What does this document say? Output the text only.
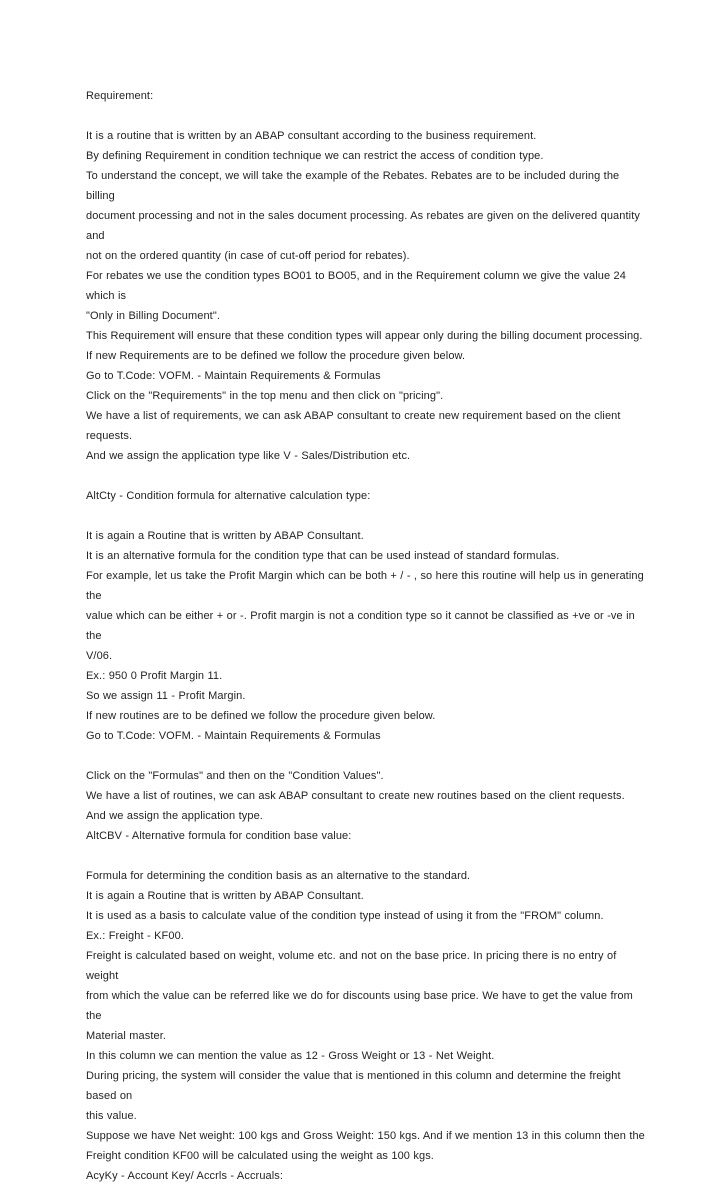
Requirement:

It is a routine that is written by an ABAP consultant according to the business requirement.

By defining Requirement in condition technique we can restrict the access of condition type.

To understand the concept, we will take the example of the Rebates. Rebates are to be included during the billing

document processing and not in the sales document processing. As rebates are given on the delivered quantity and

not on the ordered quantity (in case of cut-off period for rebates).

For rebates we use the condition types BO01 to BO05, and in the Requirement column we give the value 24 which is

"Only in Billing Document".

This Requirement will ensure that these condition types will appear only during the billing document processing.

If new Requirements are to be defined we follow the procedure given below.

Go to T.Code: VOFM. - Maintain Requirements & Formulas

Click on the "Requirements" in the top menu and then click on "pricing".

We have a list of requirements, we can ask ABAP consultant to create new requirement based on the client requests.

And we assign the application type like V - Sales/Distribution etc.

AltCty - Condition formula for alternative calculation type:

It is again a Routine that is written by ABAP Consultant.

It is an alternative formula for the condition type that can be used instead of standard formulas.

For example, let us take the Profit Margin which can be both + / - , so here this routine will help us in generating the

value which can be either + or -. Profit margin is not a condition type so it cannot be classified as +ve or -ve in the

V/06.

Ex.: 950 0 Profit Margin 11.

So we assign 11 - Profit Margin.

If new routines are to be defined we follow the procedure given below.

Go to T.Code: VOFM. - Maintain Requirements & Formulas

Click on the "Formulas" and then on the "Condition Values".

We have a list of routines, we can ask ABAP consultant to create new routines based on the client requests.

And we assign the application type.

AltCBV - Alternative formula for condition base value:

Formula for determining the condition basis as an alternative to the standard.

It is again a Routine that is written by ABAP Consultant.

It is used as a basis to calculate value of the condition type instead of using it from the "FROM" column.

Ex.: Freight - KF00.

Freight is calculated based on weight, volume etc. and not on the base price. In pricing there is no entry of weight

from which the value can be referred like we do for discounts using base price. We have to get the value from the

Material master.

In this column we can mention the value as 12 - Gross Weight or 13 - Net Weight.

During pricing, the system will consider the value that is mentioned in this column and determine the freight based on

this value.

Suppose we have Net weight: 100 kgs and Gross Weight: 150 kgs. And if we mention 13 in this column then the

Freight condition KF00 will be calculated using the weight as 100 kgs.

AcyKy - Account Key/ Accrls - Accruals:
